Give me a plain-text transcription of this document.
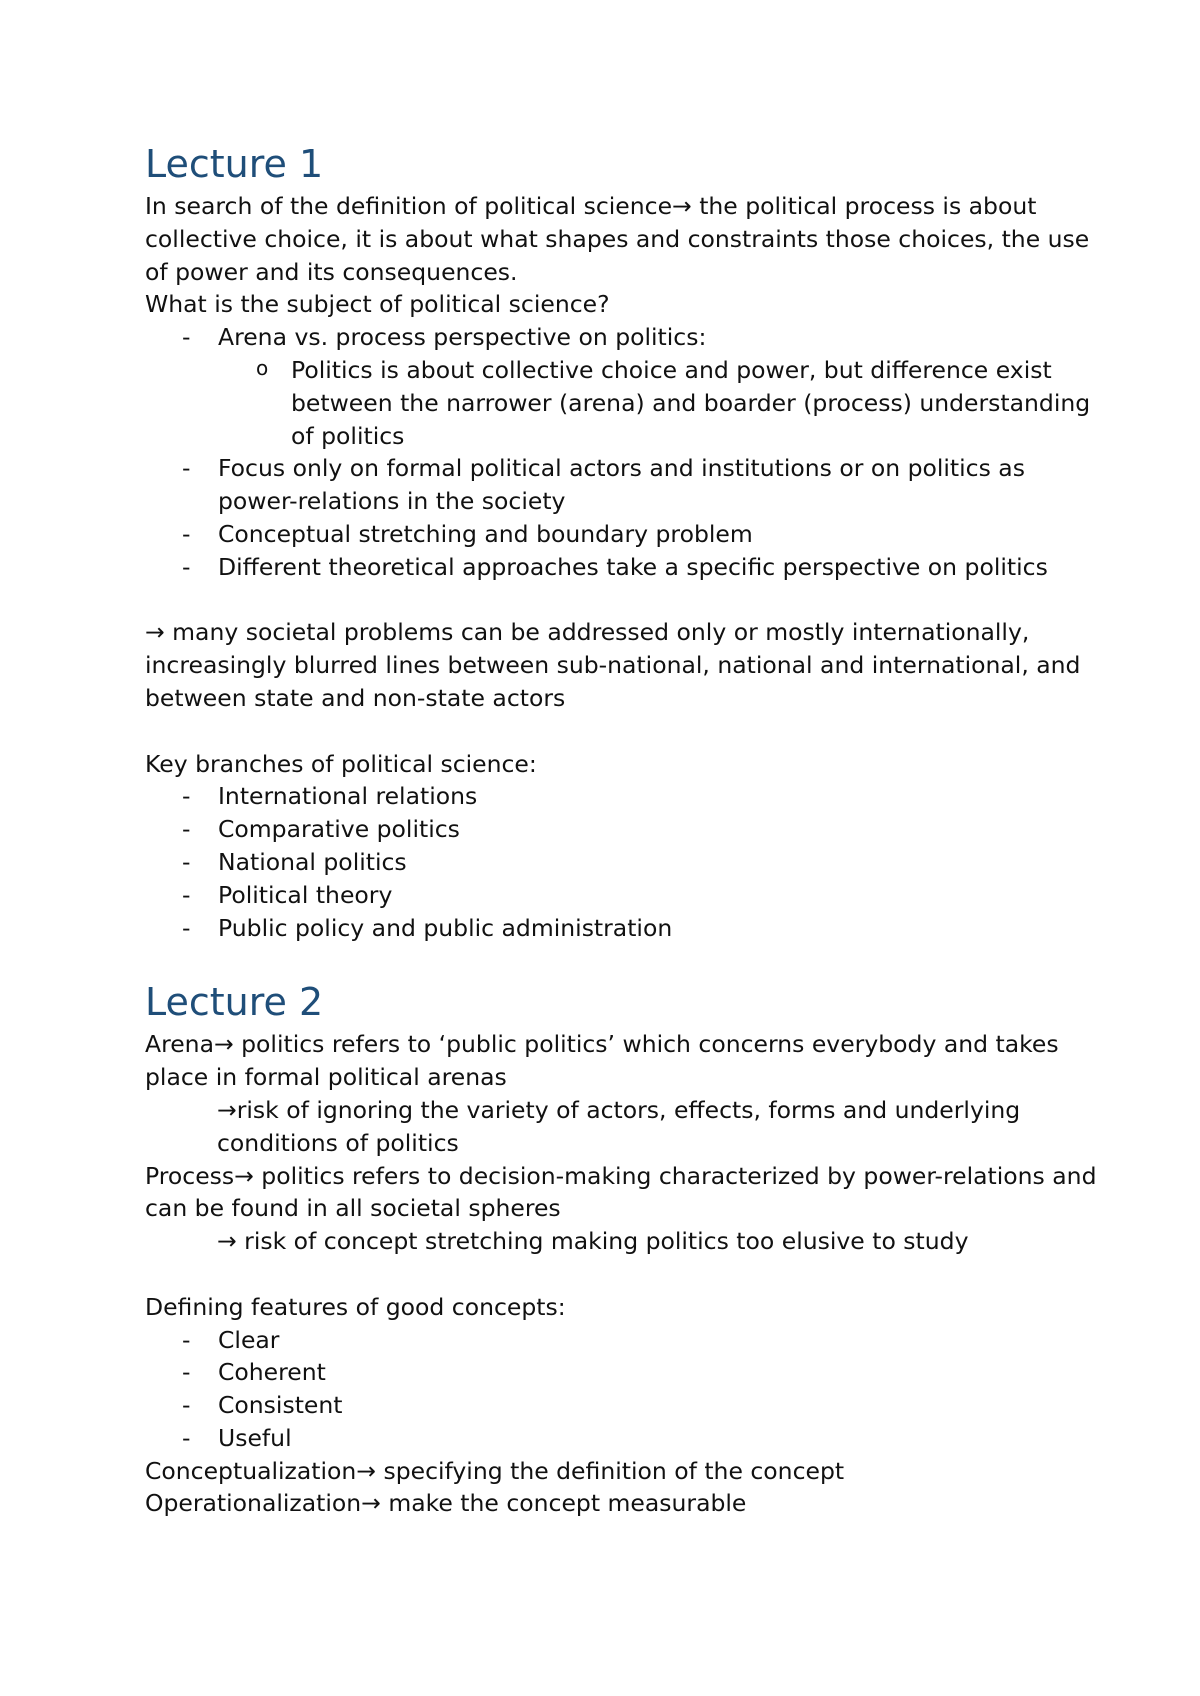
Lecture 1

In search of the definition of political science→ the political process is about collective choice, it is about what shapes and constraints those choices, the use of power and its consequences.

What is the subject of political science?

- Arena vs. process perspective on politics:
o Politics is about collective choice and power, but difference exist between the narrower (arena) and boarder (process) understanding of politics
- Focus only on formal political actors and institutions or on politics as power-relations in the society
- Conceptual stretching and boundary problem
- Different theoretical approaches take a specific perspective on politics

→ many societal problems can be addressed only or mostly internationally, increasingly blurred lines between sub-national, national and international, and between state and non-state actors

Key branches of political science:

- International relations
- Comparative politics
- National politics
- Political theory
- Public policy and public administration
Lecture 2

Arena→ politics refers to ‘public politics’ which concerns everybody and takes place in formal political arenas

→risk of ignoring the variety of actors, effects, forms and underlying conditions of politics

Process→ politics refers to decision-making characterized by power-relations and can be found in all societal spheres

→ risk of concept stretching making politics too elusive to study

Defining features of good concepts:

- Clear
- Coherent
- Consistent
- Useful

Conceptualization→ specifying the definition of the concept

Operationalization→ make the concept measurable
